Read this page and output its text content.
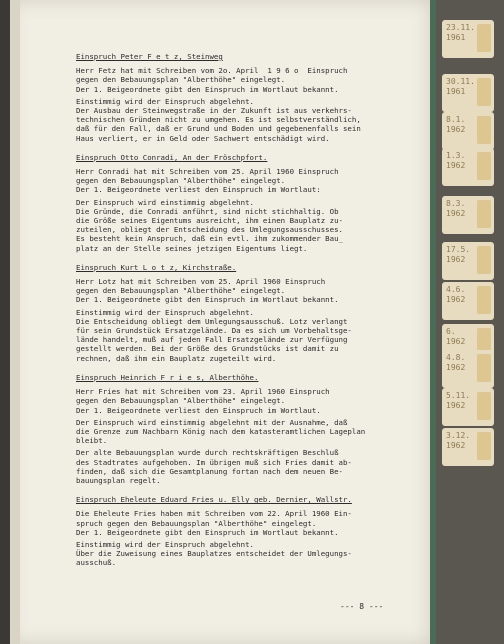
Einspruch Peter F e t z, Steinweg
Herr Fetz hat mit Schreiben vom 2o. April  1 9 6 o  Einspruch
gegen den Bebauungsplan "Alberthöhe" eingelegt.
Der 1. Beigeordnete gibt den Einspruch im Wortlaut bekannt.
Einstimmig wird der Einspruch abgelehnt.
Der Ausbau der Steinwegstraße in der Zukunft ist aus verkehrs-
technischen Gründen nicht zu umgehen. Es ist selbstverständlich,
daß für den Fall, daß er Grund und Boden und gegebenenfalls sein
Haus verliert, er in Geld oder Sachwert entschädigt wird.
Einspruch Otto Conradi, An der Fröschpfort.
Herr Conradi hat mit Schreiben vom 25. April 1960 Einspruch
gegen den Bebauungsplan "Alberthöhe" eingelegt.
Der 1. Beigeordnete verliest den Einspruch im Wortlaut:
Der Einspruch wird einstimmig abgelehnt.
Die Gründe, die Conradi anführt, sind nicht stichhaltig. Ob
die Größe seines Eigentums ausreicht, ihm einen Bauplatz zu-
zuteilen, obliegt der Entscheidung des Umlegungsausschusses.
Es besteht kein Anspruch, daß ein evtl. ihm zukommender Bau_
platz an der Stelle seines jetzigen Eigentums liegt.
Einspruch Kurt L o t z, Kirchstraße.
Herr Lotz hat mit Schreiben vom 25. April 1960 Einspruch
gegen den Bebauungsplan "Alberthöhe" eingelegt.
Der 1. Beigeordnete gibt den Einspruch im Wortlaut bekannt.
Einstimmig wird der Einspruch abgelehnt.
Die Entscheidung obliegt dem Umlegungsausschuß. Lotz verlangt
für sein Grundstück Ersatzgelände. Da es sich um Vorbehaltsge-
lände handelt, muß auf jeden Fall Ersatzgelände zur Verfügung
gestellt werden. Bei der Größe des Grundstücks ist damit zu
rechnen, daß ihm ein Bauplatz zugeteilt wird.
Einspruch Heinrich F r i e s, Alberthöhe.
Herr Fries hat mit Schreiben vom 23. April 1960 Einspruch
gegen den Bebauungsplan "Alberthöhe" eingelegt.
Der 1. Beigeordnete verliest den Einspruch im Wortlaut.
Der Einspruch wird einstimmig abgelehnt mit der Ausnahme, daß
die Grenze zum Nachbarn König nach dem katasteramtlichen Lageplan
bleibt.
Der alte Bebauungsplan wurde durch rechtskräftigen Beschluß
des Stadtrates aufgehoben. Im übrigen muß sich Fries damit ab-
finden, daß sich die Gesamtplanung fortan nach dem neuen Be-
bauungsplan regelt.
Einspruch Eheleute Eduard Fries u. Elly geb. Dernier, Wallstr.
Die Eheleute Fries haben mit Schreiben vom 22. April 1960 Ein-
spruch gegen den Bebauungsplan "Alberthöhe" eingelegt.
Der 1. Beigeordnete gibt den Einspruch im Wortlaut bekannt.
Einstimmig wird der Einspruch abgelehnt.
Über die Zuweisung eines Bauplatzes entscheidet der Umlegungs-
ausschuß.
--- 8 ---
23.11.
1961
30.11.
1961
8.1.
1962
1.3.
1962
8.3.
1962
17.5.
1962
4.6.
1962
6.
1962
4.8.
1962
5.11.
1962
3.12.
1962
